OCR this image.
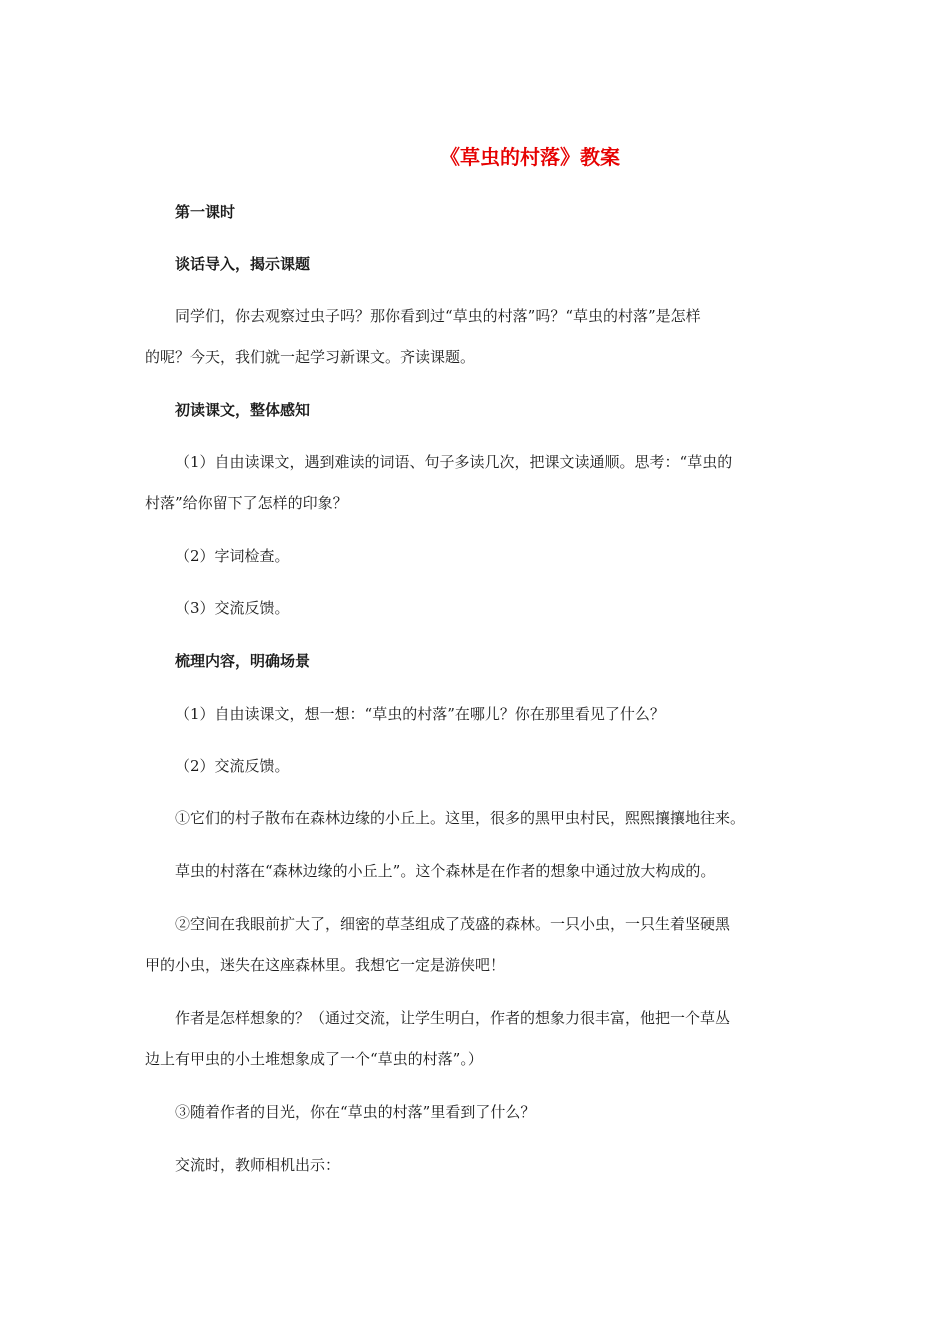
《草虫的村落》教案
第一课时
谈话导入，揭示课题
同学们，你去观察过虫子吗？那你看到过“草虫的村落”吗？“草虫的村落”是怎样
的呢？今天，我们就一起学习新课文。齐读课题。
初读课文，整体感知
（1）自由读课文，遇到难读的词语、句子多读几次，把课文读通顺。思考：“草虫的
村落”给你留下了怎样的印象？
（2）字词检查。
（3）交流反馈。
梳理内容，明确场景
（1）自由读课文，想一想：“草虫的村落”在哪儿？你在那里看见了什么？
（2）交流反馈。
①它们的村子散布在森林边缘的小丘上。这里，很多的黑甲虫村民，熙熙攘攘地往来。
草虫的村落在“森林边缘的小丘上”。这个森林是在作者的想象中通过放大构成的。
②空间在我眼前扩大了，细密的草茎组成了茂盛的森林。一只小虫，一只生着坚硬黑
甲的小虫，迷失在这座森林里。我想它一定是游侠吧！
作者是怎样想象的？（通过交流，让学生明白，作者的想象力很丰富，他把一个草丛
边上有甲虫的小土堆想象成了一个“草虫的村落”。）
③随着作者的目光，你在“草虫的村落”里看到了什么？
交流时，教师相机出示：
